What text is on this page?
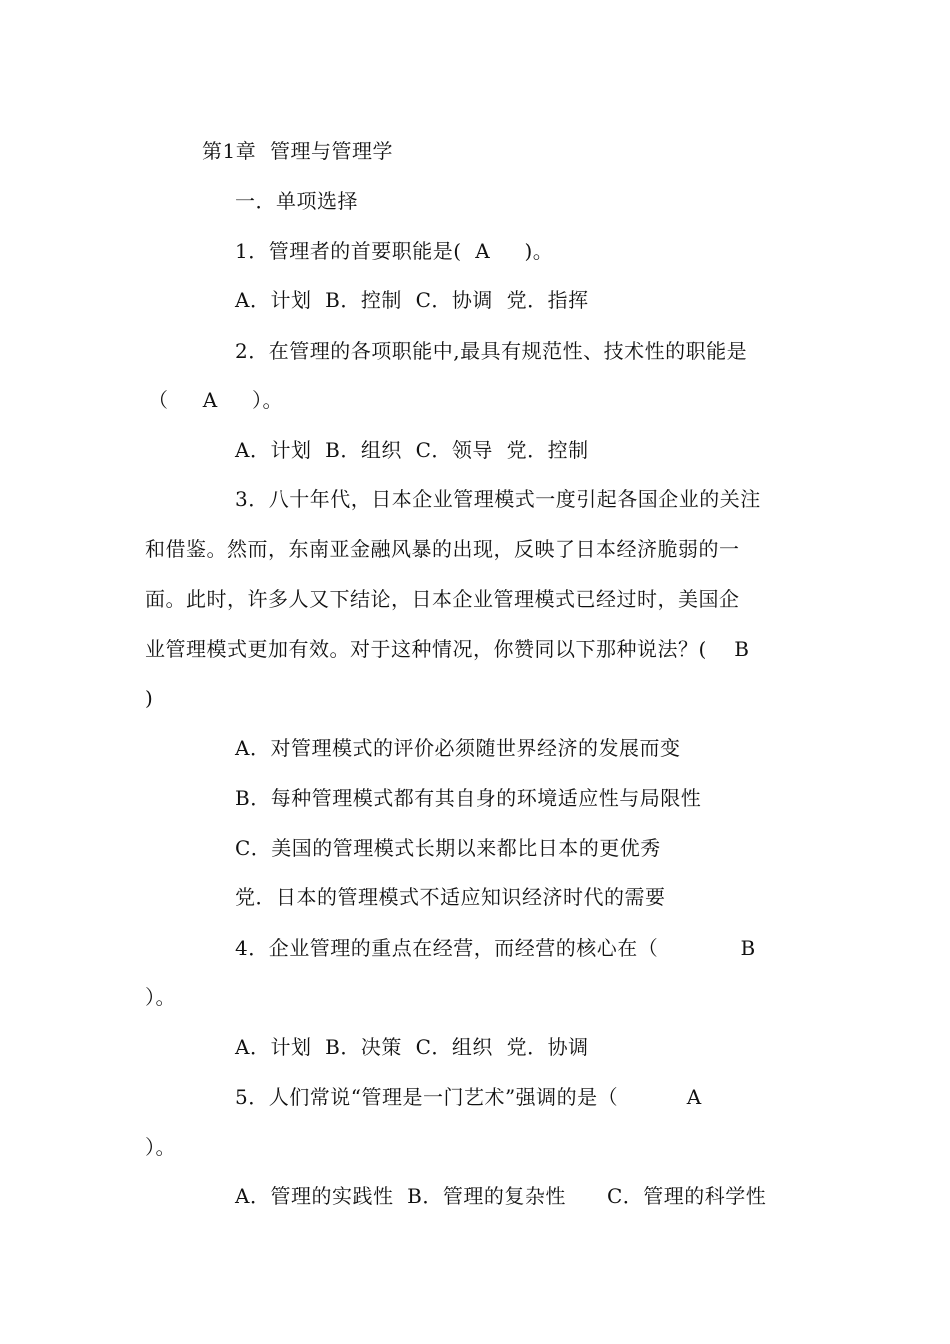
第1章  管理与管理学
一．单项选择
1．管理者的首要职能是(  A     )。
A．计划  B．控制  C．协调  党．指挥
2．在管理的各项职能中,最具有规范性、技术性的职能是
（     A     ）。
A．计划  B．组织  C．领导  党．控制
3．八十年代，日本企业管理模式一度引起各国企业的关注
和借鉴。然而，东南亚金融风暴的出现，反映了日本经济脆弱的一
面。此时，许多人又下结论，日本企业管理模式已经过时，美国企
业管理模式更加有效。对于这种情况，你赞同以下那种说法？(    B
)
A．对管理模式的评价必须随世界经济的发展而变
B．每种管理模式都有其自身的环境适应性与局限性
C．美国的管理模式长期以来都比日本的更优秀
党．日本的管理模式不适应知识经济时代的需要
4．企业管理的重点在经营，而经营的核心在（            B
）。
A．计划  B．决策  C．组织  党．协调
5．人们常说“管理是一门艺术”强调的是（          A
）。
A．管理的实践性  B．管理的复杂性      C．管理的科学性
